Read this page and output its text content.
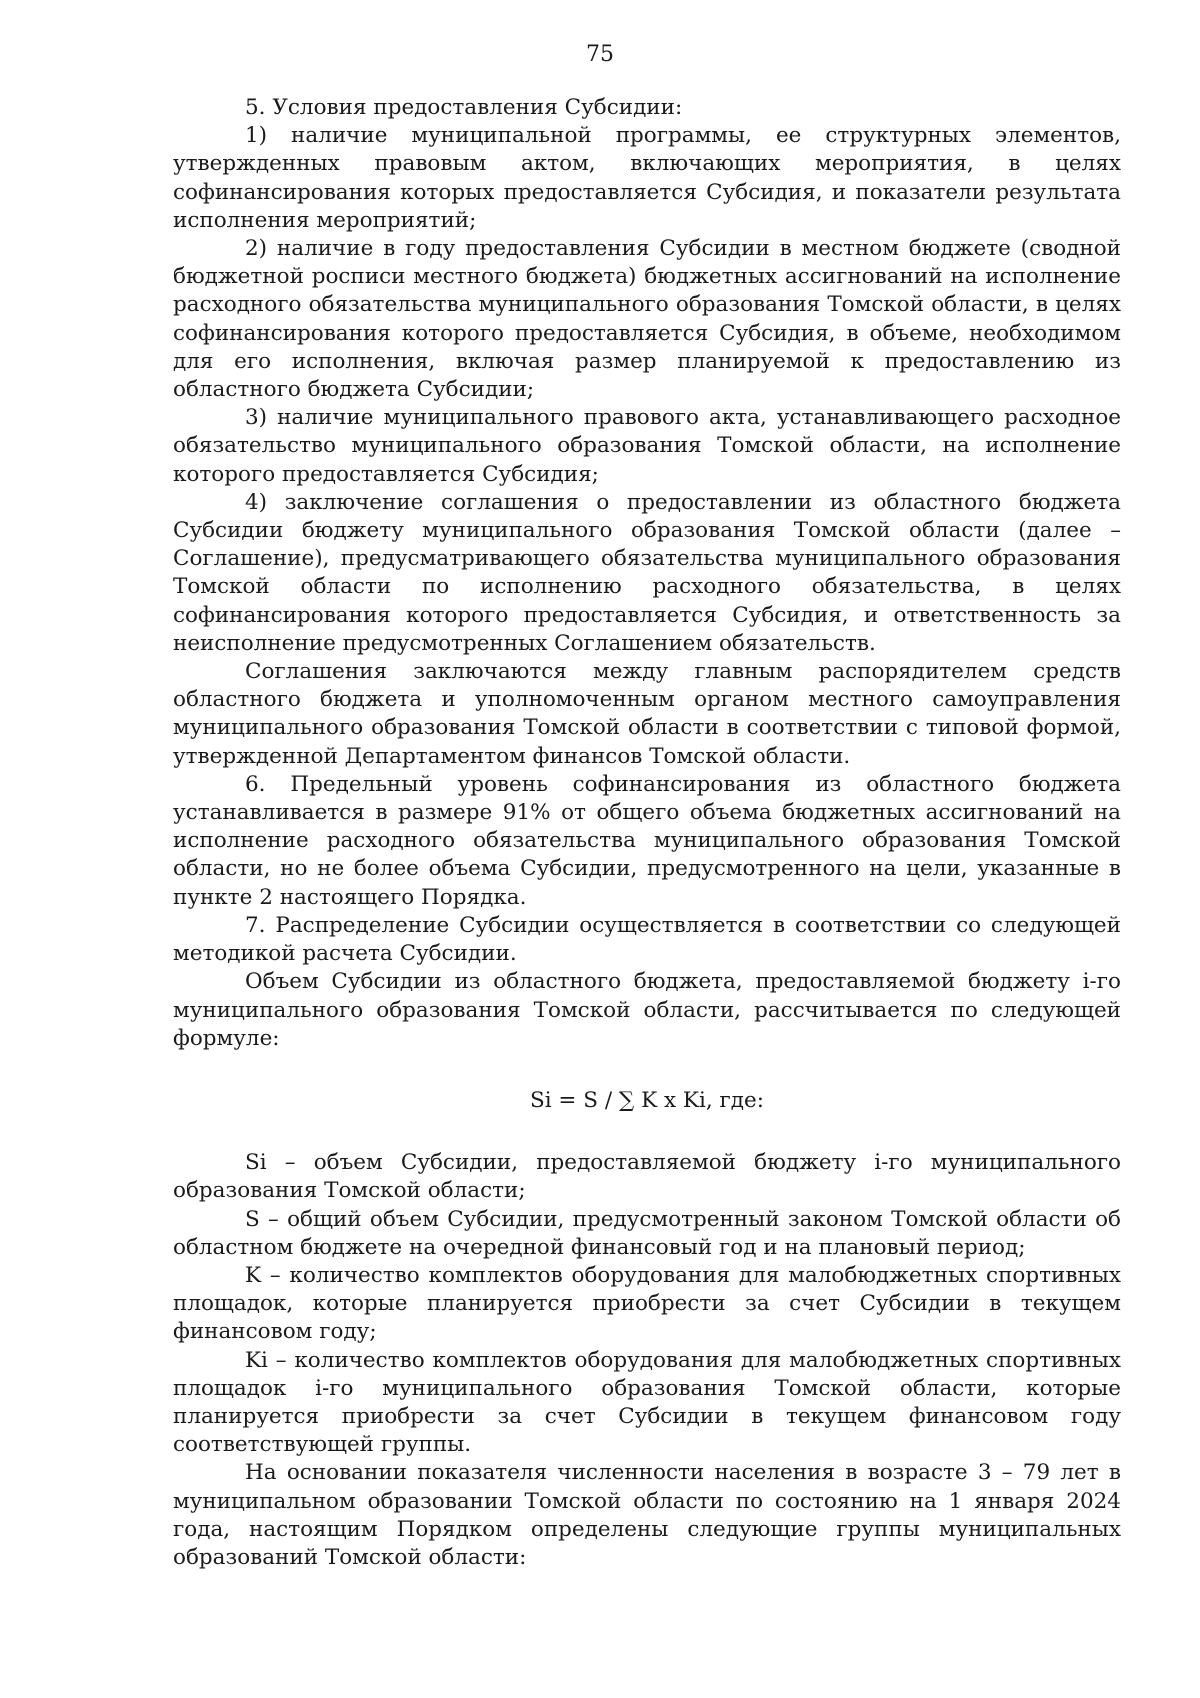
75

5. Условия предоставления Субсидии:

1) наличие муниципальной программы, ее структурных элементов, утвержденных правовым актом, включающих мероприятия, в целях софинансирования которых предоставляется Субсидия, и показатели результата исполнения мероприятий;

2) наличие в году предоставления Субсидии в местном бюджете (сводной бюджетной росписи местного бюджета) бюджетных ассигнований на исполнение расходного обязательства муниципального образования Томской области, в целях софинансирования которого предоставляется Субсидия, в объеме, необходимом для его исполнения, включая размер планируемой к предоставлению из областного бюджета Субсидии;

3) наличие муниципального правового акта, устанавливающего расходное обязательство муниципального образования Томской области, на исполнение которого предоставляется Субсидия;

4) заключение соглашения о предоставлении из областного бюджета Субсидии бюджету муниципального образования Томской области (далее – Соглашение), предусматривающего обязательства муниципального образования Томской области по исполнению расходного обязательства, в целях софинансирования которого предоставляется Субсидия, и ответственность за неисполнение предусмотренных Соглашением обязательств.

Соглашения заключаются между главным распорядителем средств областного бюджета и уполномоченным органом местного самоуправления муниципального образования Томской области в соответствии с типовой формой, утвержденной Департаментом финансов Томской области.

6. Предельный уровень софинансирования из областного бюджета устанавливается в размере 91% от общего объема бюджетных ассигнований на исполнение расходного обязательства муниципального образования Томской области, но не более объема Субсидии, предусмотренного на цели, указанные в пункте 2 настоящего Порядка.

7. Распределение Субсидии осуществляется в соответствии со следующей методикой расчета Субсидии.

Объем Субсидии из областного бюджета, предоставляемой бюджету i-го муниципального образования Томской области, рассчитывается по следующей формуле:

Si = S / ∑ K x Ki, где:

Si – объем Субсидии, предоставляемой бюджету i-го муниципального образования Томской области;

S – общий объем Субсидии, предусмотренный законом Томской области об областном бюджете на очередной финансовый год и на плановый период;

K – количество комплектов оборудования для малобюджетных спортивных площадок, которые планируется приобрести за счет Субсидии в текущем финансовом году;

Ki – количество комплектов оборудования для малобюджетных спортивных площадок i-го муниципального образования Томской области, которые планируется приобрести за счет Субсидии в текущем финансовом году соответствующей группы.

На основании показателя численности населения в возрасте 3 – 79 лет в муниципальном образовании Томской области по состоянию на 1 января 2024 года, настоящим Порядком определены следующие группы муниципальных образований Томской области:
